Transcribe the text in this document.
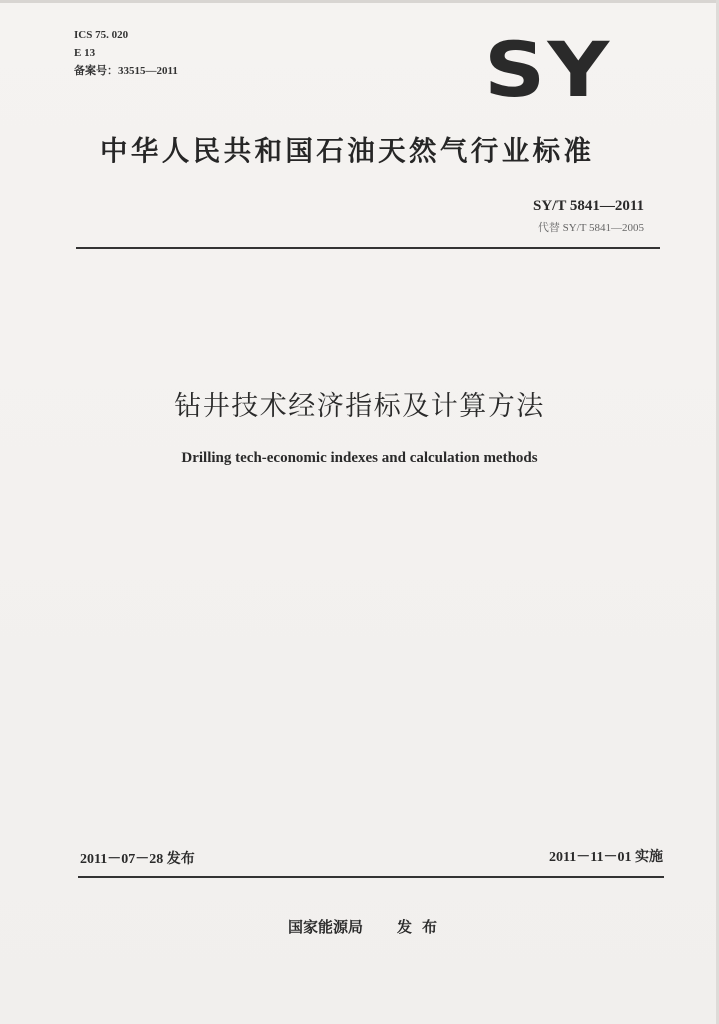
ICS 75. 020
E 13
备案号：33515—2011	SY
中华人民共和国石油天然气行业标准
SY/T 5841—2011
代替 SY/T 5841—2005
钻井技术经济指标及计算方法
Drilling tech-economic indexes and calculation methods
2011－07－28 发布	2011－11－01 实施
国家能源局 发布
